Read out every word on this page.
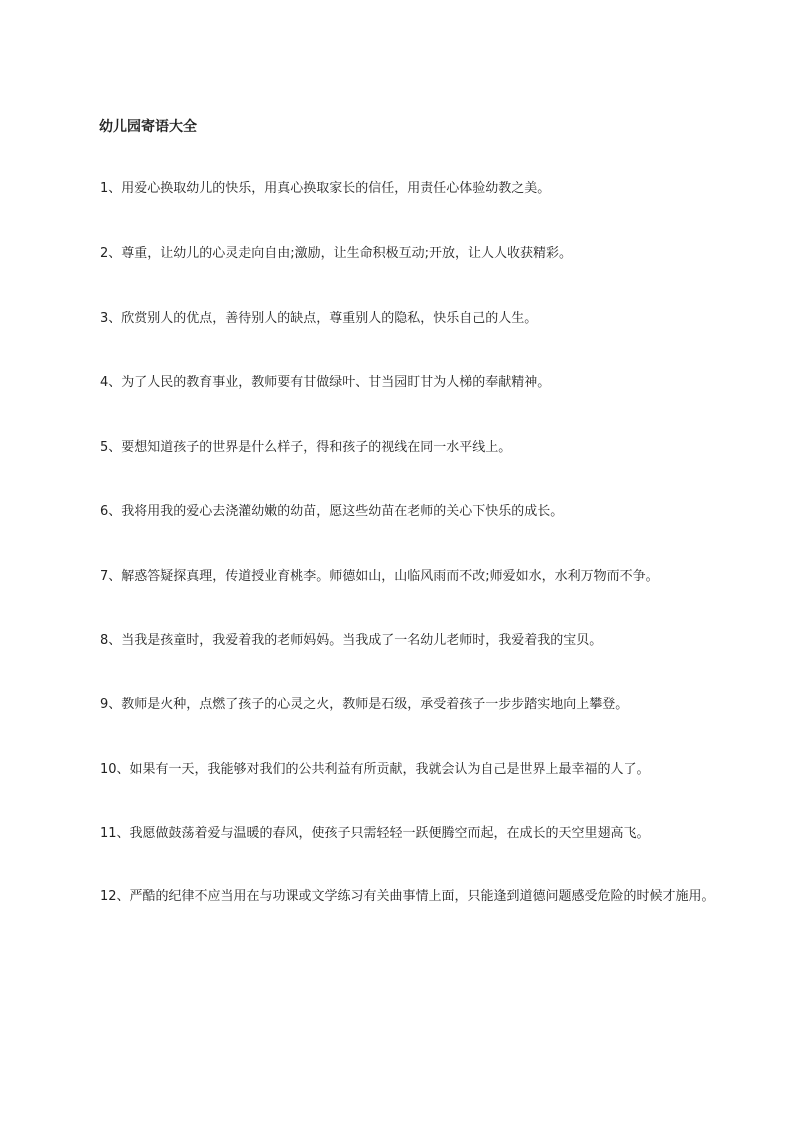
幼儿园寄语大全

1、用爱心换取幼儿的快乐，用真心换取家长的信任，用责任心体验幼教之美。

2、尊重，让幼儿的心灵走向自由;激励，让生命积极互动;开放，让人人收获精彩。

3、欣赏别人的优点，善待别人的缺点，尊重别人的隐私，快乐自己的人生。

4、为了人民的教育事业，教师要有甘做绿叶、甘当园盯甘为人梯的奉献精神。

5、要想知道孩子的世界是什么样子，得和孩子的视线在同一水平线上。

6、我将用我的爱心去浇灌幼嫩的幼苗，愿这些幼苗在老师的关心下快乐的成长。

7、解惑答疑探真理，传道授业育桃李。师德如山，山临风雨而不改;师爱如水，水利万物而不争。

8、当我是孩童时，我爱着我的老师妈妈。当我成了一名幼儿老师时，我爱着我的宝贝。

9、教师是火种，点燃了孩子的心灵之火，教师是石级，承受着孩子一步步踏实地向上攀登。

10、如果有一天，我能够对我们的公共利益有所贡献，我就会认为自己是世界上最幸福的人了。

11、我愿做鼓荡着爱与温暖的春风，使孩子只需轻轻一跃便腾空而起，在成长的天空里翅高飞。

12、严酷的纪律不应当用在与功课或文学练习有关曲事情上面，只能逢到道德问题感受危险的时候才施用。
